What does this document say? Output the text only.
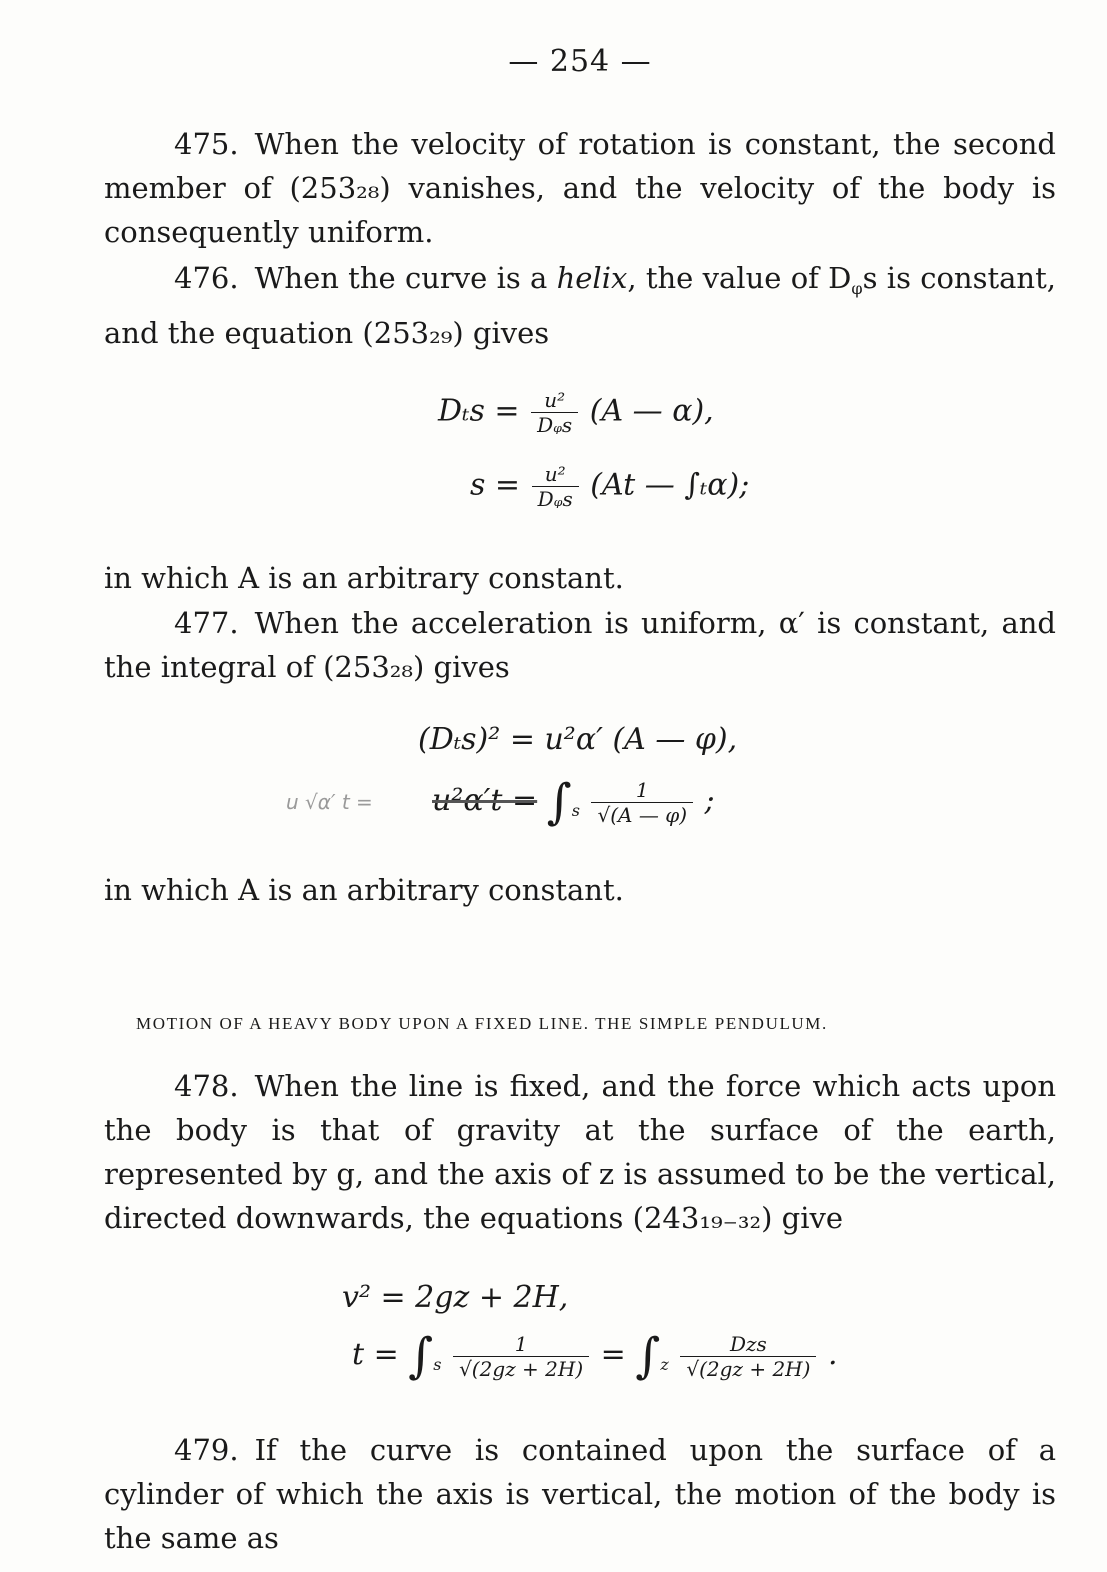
— 254 —

475. When the velocity of rotation is constant, the second member of (253₂₈) vanishes, and the velocity of the body is consequently uniform.

476. When the curve is a helix, the value of $D_\varphi s$ is constant, and the equation (253₂₉) gives

$D_ts = \frac{\text{u²}}{\text{Dᵩs}} (A$ — α),
$s = \frac{\text{u²}}{\text{Dᵩs}} (At$ — ∫ₜα);

in which A is an arbitrary constant.

477. When the acceleration is uniform, α′ is constant, and the integral of (253₂₈) gives

(Dₜs)² = u²α′ (A — φ),
u √α′ $t = u^2\alpha't = \int_s \frac{1}{√(A — \varphi)}$ ;

in which A is an arbitrary constant.

MOTION OF A HEAVY BODY UPON A FIXED LINE. THE SIMPLE PENDULUM.

478. When the line is fixed, and the force which acts upon the body is that of gravity at the surface of the earth, represented by g, and the axis of z is assumed to be the vertical, directed downwards, the equations (243₁₉₋₃₂) give

v² = 2gz + 2H,
$t = \int_s \frac{1}{√(2gz + 2H)} = \int_z \frac{\text{Dzs}}{√(2gz + 2H)}$ .

479. If the curve is contained upon the surface of a cylinder of which the axis is vertical, the motion of the body is the same as
